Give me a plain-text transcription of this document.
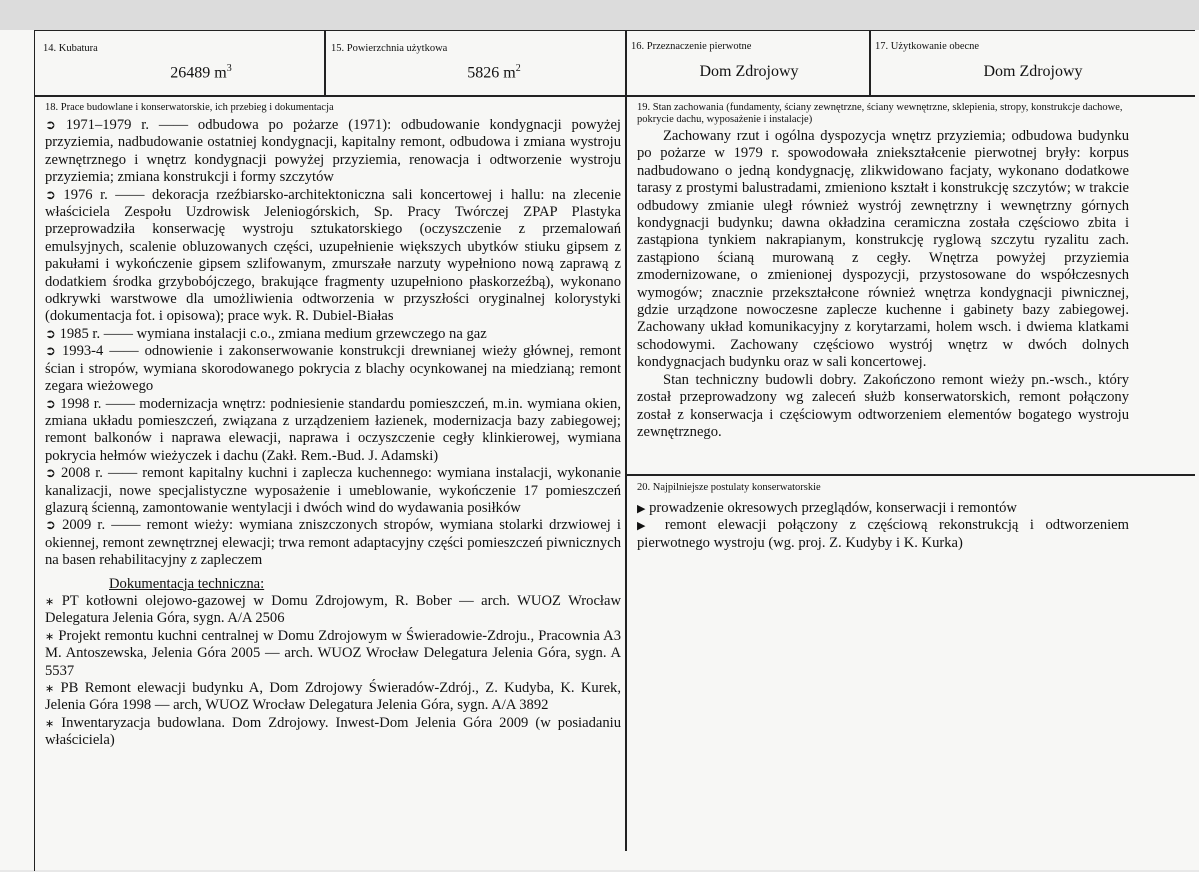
14. Kubatura
26489 $m^3$
15. Powierzchnia użytkowa
5826 $m^2$
16. Przeznaczenie pierwotne
Dom Zdrojowy
17. Użytkowanie obecne
Dom Zdrojowy
18. Prace budowlane i konserwatorskie, ich przebieg i dokumentacja

➲ 1971–1979 r. —— odbudowa po pożarze (1971): odbudowanie kondygnacji powyżej przyziemia, nadbudowanie ostatniej kondygnacji, kapitalny remont, odbudowa i zmiana wystroju zewnętrznego i wnętrz kondygnacji powyżej przyziemia, renowacja i odtworzenie wystroju przyziemia; zmiana konstrukcji i formy szczytów

➲ 1976 r. —— dekoracja rzeźbiarsko-architektoniczna sali koncertowej i hallu: na zlecenie właściciela Zespołu Uzdrowisk Jeleniogórskich, Sp. Pracy Twórczej ZPAP Plastyka przeprowadziła konserwację wystroju sztukatorskiego (oczyszczenie z przemalowań emulsyjnych, scalenie obluzowanych części, uzupełnienie większych ubytków stiuku gipsem z pakułami i wykończenie gipsem szlifowanym, zmurszałe narzuty wypełniono nową zaprawą z dodatkiem środka grzybobójczego, brakujące fragmenty uzupełniono płaskorzeźbą), wykonano odkrywki warstwowe dla umożliwienia odtworzenia w przyszłości oryginalnej kolorystyki (dokumentacja fot. i opisowa); prace wyk. R. Dubiel-Białas

➲ 1985 r. —— wymiana instalacji c.o., zmiana medium grzewczego na gaz

➲ 1993-4 —— odnowienie i zakonserwowanie konstrukcji drewnianej wieży głównej, remont ścian i stropów, wymiana skorodowanego pokrycia z blachy ocynkowanej na miedzianą; remont zegara wieżowego

➲ 1998 r. —— modernizacja wnętrz: podniesienie standardu pomieszczeń, m.in. wymiana okien, zmiana układu pomieszczeń, związana z urządzeniem łazienek, modernizacja bazy zabiegowej; remont balkonów i naprawa elewacji, naprawa i oczyszczenie cegły klinkierowej, wymiana pokrycia hełmów wieżyczek i dachu (Zakł. Rem.-Bud. J. Adamski)

➲ 2008 r. —— remont kapitalny kuchni i zaplecza kuchennego: wymiana instalacji, wykonanie kanalizacji, nowe specjalistyczne wyposażenie i umeblowanie, wykończenie 17 pomieszczeń glazurą ścienną, zamontowanie wentylacji i dwóch wind do wydawania posiłków

➲ 2009 r. —— remont wieży: wymiana zniszczonych stropów, wymiana stolarki drzwiowej i okiennej, remont zewnętrznej elewacji; trwa remont adaptacyjny części pomieszczeń piwnicznych na basen rehabilitacyjny z zapleczem

Dokumentacja techniczna:

∗ PT kotłowni olejowo-gazowej w Domu Zdrojowym, R. Bober — arch. WUOZ Wrocław Delegatura Jelenia Góra, sygn. A/A 2506

∗ Projekt remontu kuchni centralnej w Domu Zdrojowym w Świeradowie-Zdroju., Pracownia A3 M. Antoszewska, Jelenia Góra 2005 — arch. WUOZ Wrocław Delegatura Jelenia Góra, sygn. A 5537

∗ PB Remont elewacji budynku A, Dom Zdrojowy Świeradów-Zdrój., Z. Kudyba, K. Kurek, Jelenia Góra 1998 — arch, WUOZ Wrocław Delegatura Jelenia Góra, sygn. A/A 3892

∗ Inwentaryzacja budowlana. Dom Zdrojowy. Inwest-Dom Jelenia Góra 2009 (w posiadaniu właściciela)

19. Stan zachowania (fundamenty, ściany zewnętrzne, ściany wewnętrzne, sklepienia, stropy, konstrukcje dachowe, pokrycie dachu, wyposażenie i instalacje)

Zachowany rzut i ogólna dyspozycja wnętrz przyziemia; odbudowa budynku po pożarze w 1979 r. spowodowała zniekształcenie pierwotnej bryły: korpus nadbudowano o jedną kondygnację, zlikwidowano facjaty, wykonano dodatkowe tarasy z prostymi balustradami, zmieniono kształt i konstrukcję szczytów; w trakcie odbudowy zmianie uległ również wystrój zewnętrzny i wewnętrzny górnych kondygnacji budynku; dawna okładzina ceramiczna została częściowo zbita i zastąpiona tynkiem nakrapianym, konstrukcję ryglową szczytu ryzalitu zach. zastąpiono ścianą murowaną z cegły. Wnętrza powyżej przyziemia zmodernizowane, o zmienionej dyspozycji, przystosowane do współczesnych wymogów; znacznie przekształcone również wnętrza kondygnacji piwnicznej, gdzie urządzone nowoczesne zaplecze kuchenne i gabinety bazy zabiegowej. Zachowany układ komunikacyjny z korytarzami, holem wsch. i dwiema klatkami schodowymi. Zachowany częściowo wystrój wnętrz w dwóch dolnych kondygnacjach budynku oraz w sali koncertowej.

Stan techniczny budowli dobry. Zakończono remont wieży pn.-wsch., który został przeprowadzony wg zaleceń służb konserwatorskich, remont połączony został z konserwacja i częściowym odtworzeniem elementów bogatego wystroju zewnętrznego.

20. Najpilniejsze postulaty konserwatorskie

▶ prowadzenie okresowych przeglądów, konserwacji i remontów

▶ remont elewacji połączony z częściową rekonstrukcją i odtworzeniem pierwotnego wystroju (wg. proj. Z. Kudyby i K. Kurka)
